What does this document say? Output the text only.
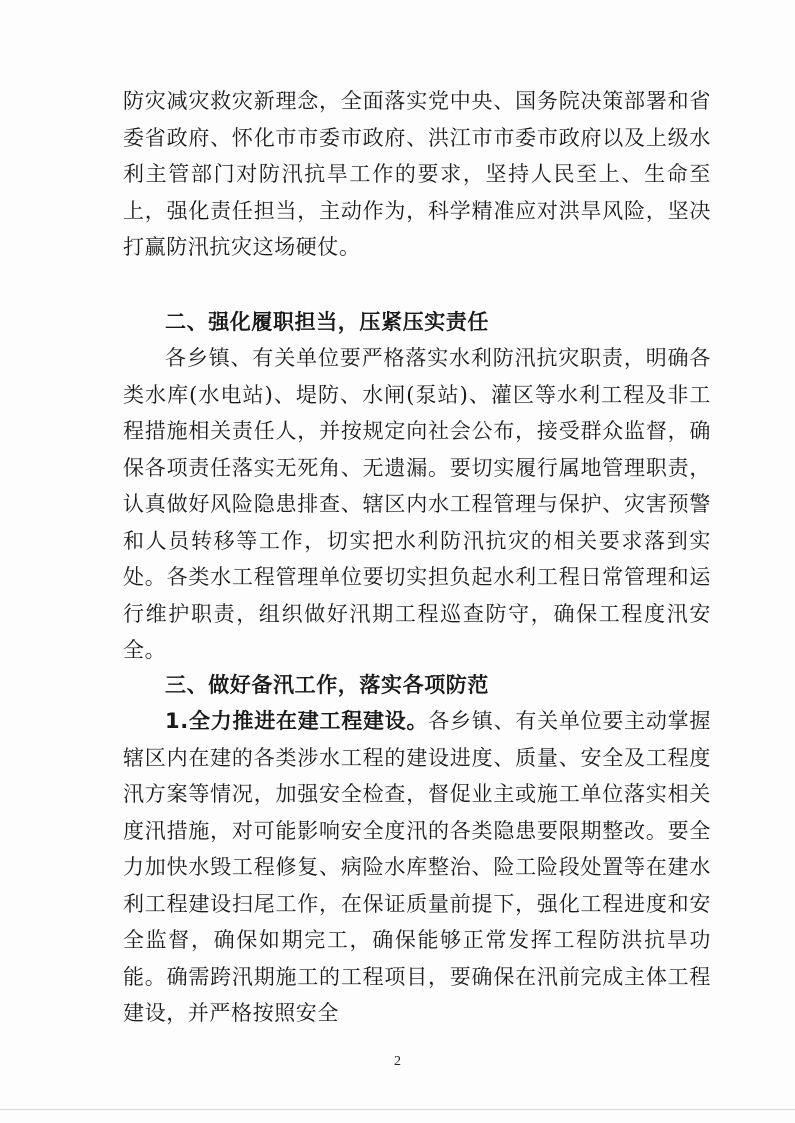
防灾减灾救灾新理念，全面落实党中央、国务院决策部署和省委省政府、怀化市市委市政府、洪江市市委市政府以及上级水利主管部门对防汛抗旱工作的要求，坚持人民至上、生命至上，强化责任担当，主动作为，科学精准应对洪旱风险，坚决打赢防汛抗灾这场硬仗。
二、强化履职担当，压紧压实责任
各乡镇、有关单位要严格落实水利防汛抗灾职责，明确各类水库(水电站)、堤防、水闸(泵站)、灌区等水利工程及非工程措施相关责任人，并按规定向社会公布，接受群众监督，确保各项责任落实无死角、无遗漏。要切实履行属地管理职责，认真做好风险隐患排查、辖区内水工程管理与保护、灾害预警和人员转移等工作，切实把水利防汛抗灾的相关要求落到实处。各类水工程管理单位要切实担负起水利工程日常管理和运行维护职责，组织做好汛期工程巡查防守，确保工程度汛安全。
三、做好备汛工作，落实各项防范
1.全力推进在建工程建设。各乡镇、有关单位要主动掌握辖区内在建的各类涉水工程的建设进度、质量、安全及工程度汛方案等情况，加强安全检查，督促业主或施工单位落实相关度汛措施，对可能影响安全度汛的各类隐患要限期整改。要全力加快水毁工程修复、病险水库整治、险工险段处置等在建水利工程建设扫尾工作，在保证质量前提下，强化工程进度和安全监督，确保如期完工，确保能够正常发挥工程防洪抗旱功能。确需跨汛期施工的工程项目，要确保在汛前完成主体工程建设，并严格按照安全
2
